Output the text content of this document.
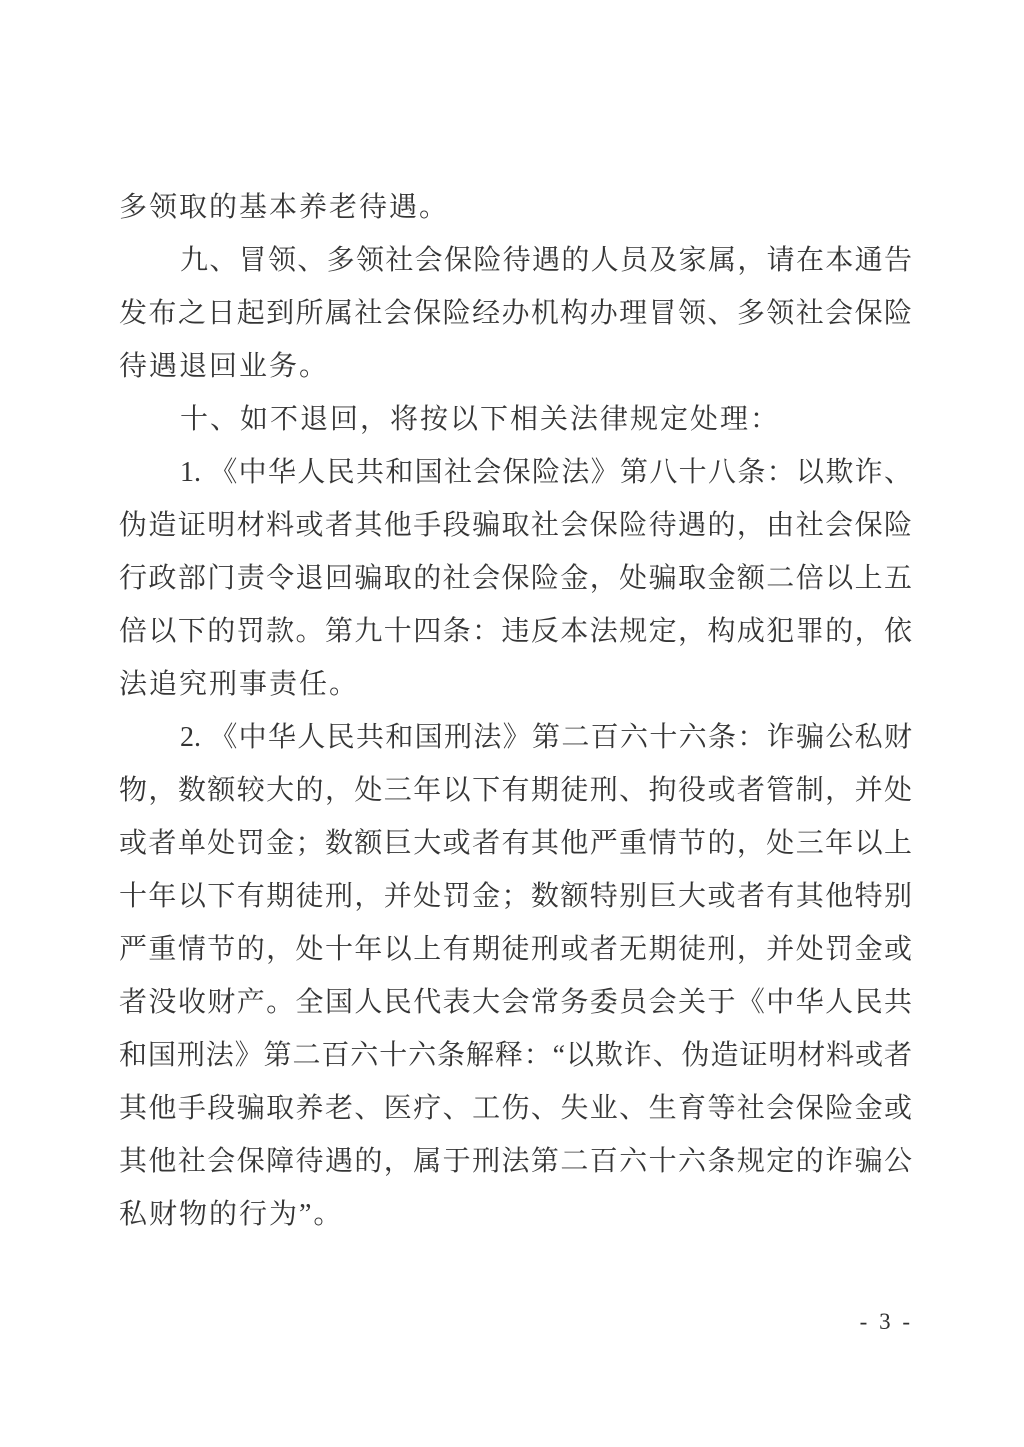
多领取的基本养老待遇。
九、冒领、多领社会保险待遇的人员及家属，请在本通告
发布之日起到所属社会保险经办机构办理冒领、多领社会保险
待遇退回业务。
十、如不退回，将按以下相关法律规定处理：
1. 《中华人民共和国社会保险法》第八十八条：以欺诈、
伪造证明材料或者其他手段骗取社会保险待遇的，由社会保险
行政部门责令退回骗取的社会保险金，处骗取金额二倍以上五
倍以下的罚款。第九十四条：违反本法规定，构成犯罪的，依
法追究刑事责任。
2. 《中华人民共和国刑法》第二百六十六条：诈骗公私财
物，数额较大的，处三年以下有期徒刑、拘役或者管制，并处
或者单处罚金；数额巨大或者有其他严重情节的，处三年以上
十年以下有期徒刑，并处罚金；数额特别巨大或者有其他特别
严重情节的，处十年以上有期徒刑或者无期徒刑，并处罚金或
者没收财产。全国人民代表大会常务委员会关于《中华人民共
和国刑法》第二百六十六条解释：“以欺诈、伪造证明材料或者
其他手段骗取养老、医疗、工伤、失业、生育等社会保险金或
其他社会保障待遇的，属于刑法第二百六十六条规定的诈骗公
私财物的行为”。
- 3 -
